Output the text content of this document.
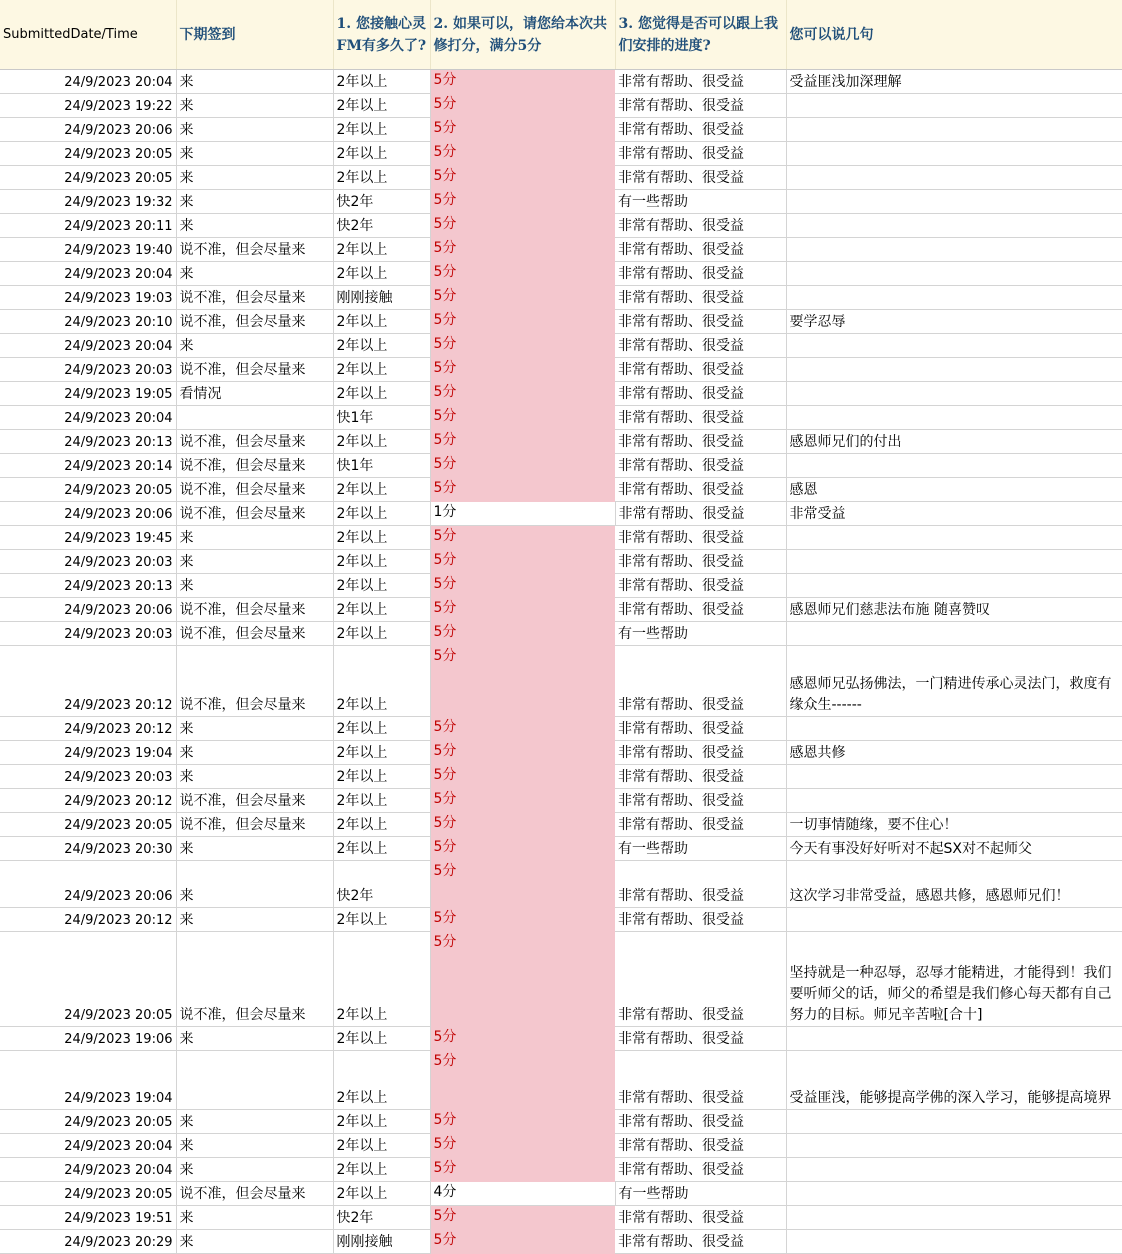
SubmittedDate/Time	下期签到	1. 您接触心灵FM有多久了?	2. 如果可以，请您给本次共修打分，满分5分	3. 您觉得是否可以跟上我们安排的进度?	您可以说几句
24/9/2023 20:04	来	2年以上	5分	非常有帮助、很受益	受益匪浅加深理解
24/9/2023 19:22	来	2年以上	5分	非常有帮助、很受益	
24/9/2023 20:06	来	2年以上	5分	非常有帮助、很受益	
24/9/2023 20:05	来	2年以上	5分	非常有帮助、很受益	
24/9/2023 20:05	来	2年以上	5分	非常有帮助、很受益	
24/9/2023 19:32	来	快2年	5分	有一些帮助	
24/9/2023 20:11	来	快2年	5分	非常有帮助、很受益	
24/9/2023 19:40	说不准，但会尽量来	2年以上	5分	非常有帮助、很受益	
24/9/2023 20:04	来	2年以上	5分	非常有帮助、很受益	
24/9/2023 19:03	说不准，但会尽量来	刚刚接触	5分	非常有帮助、很受益	
24/9/2023 20:10	说不准，但会尽量来	2年以上	5分	非常有帮助、很受益	要学忍辱
24/9/2023 20:04	来	2年以上	5分	非常有帮助、很受益	
24/9/2023 20:03	说不准，但会尽量来	2年以上	5分	非常有帮助、很受益	
24/9/2023 19:05	看情况	2年以上	5分	非常有帮助、很受益	
24/9/2023 20:04		快1年	5分	非常有帮助、很受益	
24/9/2023 20:13	说不准，但会尽量来	2年以上	5分	非常有帮助、很受益	感恩师兄们的付出
24/9/2023 20:14	说不准，但会尽量来	快1年	5分	非常有帮助、很受益	
24/9/2023 20:05	说不准，但会尽量来	2年以上	5分	非常有帮助、很受益	感恩
24/9/2023 20:06	说不准，但会尽量来	2年以上	1分	非常有帮助、很受益	非常受益
24/9/2023 19:45	来	2年以上	5分	非常有帮助、很受益	
24/9/2023 20:03	来	2年以上	5分	非常有帮助、很受益	
24/9/2023 20:13	来	2年以上	5分	非常有帮助、很受益	
24/9/2023 20:06	说不准，但会尽量来	2年以上	5分	非常有帮助、很受益	感恩师兄们慈悲法布施 随喜赞叹
24/9/2023 20:03	说不准，但会尽量来	2年以上	5分	有一些帮助	
24/9/2023 20:12	说不准，但会尽量来	2年以上	5分	非常有帮助、很受益	感恩师兄弘扬佛法，一门精进传承心灵法门，救度有缘众生------
24/9/2023 20:12	来	2年以上	5分	非常有帮助、很受益	
24/9/2023 19:04	来	2年以上	5分	非常有帮助、很受益	感恩共修
24/9/2023 20:03	来	2年以上	5分	非常有帮助、很受益	
24/9/2023 20:12	说不准，但会尽量来	2年以上	5分	非常有帮助、很受益	
24/9/2023 20:05	说不准，但会尽量来	2年以上	5分	非常有帮助、很受益	一切事情随缘，要不住心！
24/9/2023 20:30	来	2年以上	5分	有一些帮助	今天有事没好好听对不起SX对不起师父
24/9/2023 20:06	来	快2年	5分	非常有帮助、很受益	这次学习非常受益，感恩共修，感恩师兄们！
24/9/2023 20:12	来	2年以上	5分	非常有帮助、很受益	
24/9/2023 20:05	说不准，但会尽量来	2年以上	5分	非常有帮助、很受益	坚持就是一种忍辱，忍辱才能精进，才能得到！我们要听师父的话，师父的希望是我们修心每天都有自己努力的目标。师兄辛苦啦[合十]
24/9/2023 19:06	来	2年以上	5分	非常有帮助、很受益	
24/9/2023 19:04		2年以上	5分	非常有帮助、很受益	受益匪浅，能够提高学佛的深入学习，能够提高境界
24/9/2023 20:05	来	2年以上	5分	非常有帮助、很受益	
24/9/2023 20:04	来	2年以上	5分	非常有帮助、很受益	
24/9/2023 20:04	来	2年以上	5分	非常有帮助、很受益	
24/9/2023 20:05	说不准，但会尽量来	2年以上	4分	有一些帮助	
24/9/2023 19:51	来	快2年	5分	非常有帮助、很受益	
24/9/2023 20:29	来	刚刚接触	5分	非常有帮助、很受益	
